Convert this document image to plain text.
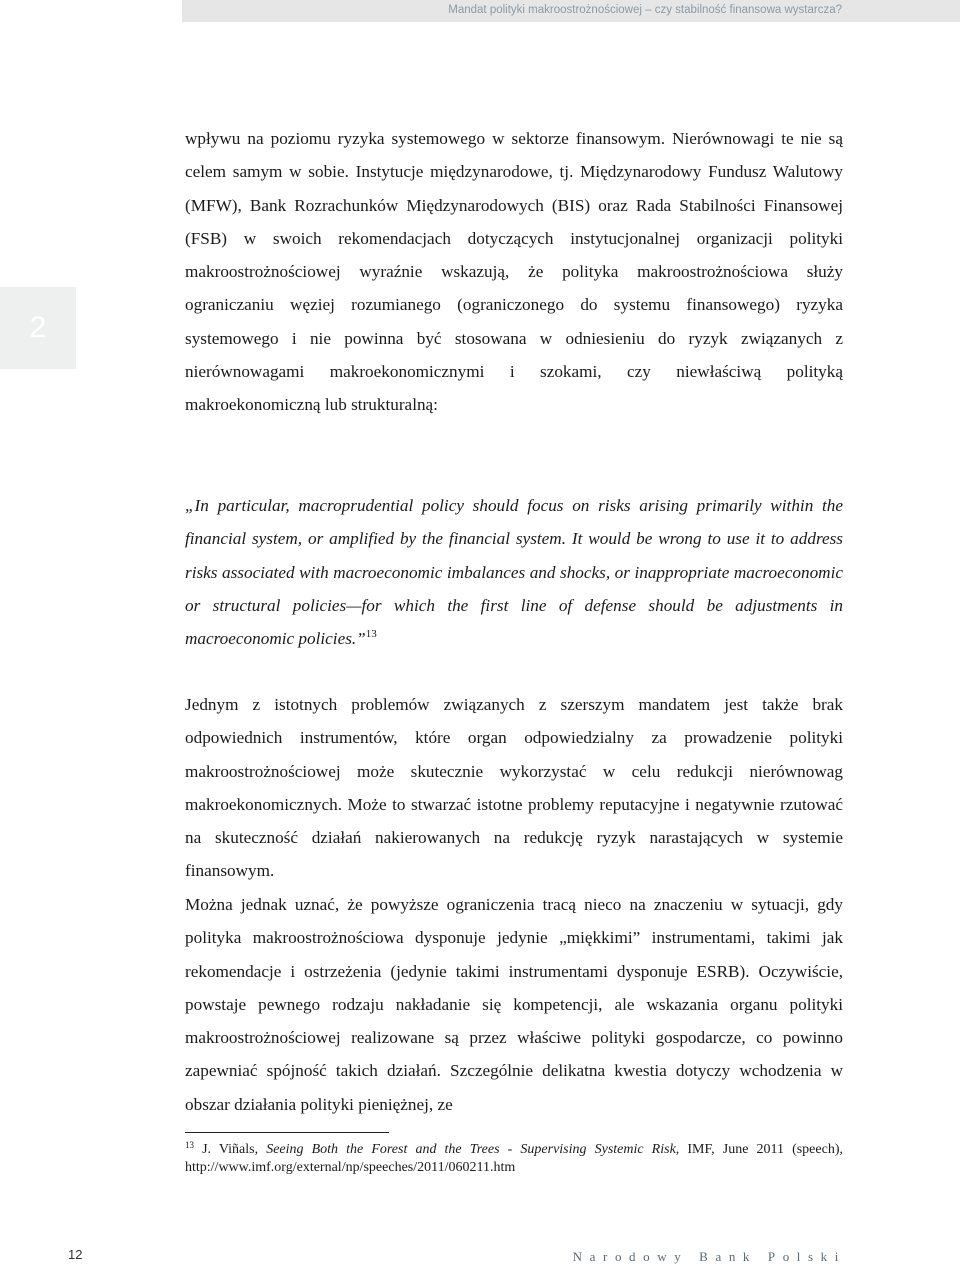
Mandat polityki makroostrożnościowej – czy stabilność finansowa wystarcza?
2

wpływu na poziomu ryzyka systemowego w sektorze finansowym. Nierównowagi te nie są celem samym w sobie. Instytucje międzynarodowe, tj. Międzynarodowy Fundusz Walutowy (MFW), Bank Rozrachunków Międzynarodowych (BIS) oraz Rada Stabilności Finansowej (FSB) w swoich rekomendacjach dotyczących instytucjonalnej organizacji polityki makroostrożnościowej wyraźnie wskazują, że polityka makroostrożnościowa służy ograniczaniu węziej rozumianego (ograniczonego do systemu finansowego) ryzyka systemowego i nie powinna być stosowana w odniesieniu do ryzyk związanych z nierównowagami makroekonomicznymi i szokami, czy niewłaściwą polityką makroekonomiczną lub strukturalną:

„In particular, macroprudential policy should focus on risks arising primarily within the financial system, or amplified by the financial system. It would be wrong to use it to address risks associated with macroeconomic imbalances and shocks, or inappropriate macroeconomic or structural policies—for which the first line of defense should be adjustments in macroeconomic policies.”$^{13}$

Jednym z istotnych problemów związanych z szerszym mandatem jest także brak odpowiednich instrumentów, które organ odpowiedzialny za prowadzenie polityki makroostrożnościowej może skutecznie wykorzystać w celu redukcji nierównowag makroekonomicznych. Może to stwarzać istotne problemy reputacyjne i negatywnie rzutować na skuteczność działań nakierowanych na redukcję ryzyk narastających w systemie finansowym.

Można jednak uznać, że powyższe ograniczenia tracą nieco na znaczeniu w sytuacji, gdy polityka makroostrożnościowa dysponuje jedynie „miękkimi” instrumentami, takimi jak rekomendacje i ostrzeżenia (jedynie takimi instrumentami dysponuje ESRB). Oczywiście, powstaje pewnego rodzaju nakładanie się kompetencji, ale wskazania organu polityki makroostrożnościowej realizowane są przez właściwe polityki gospodarcze, co powinno zapewniać spójność takich działań. Szczególnie delikatna kwestia dotyczy wchodzenia w obszar działania polityki pieniężnej, ze

$^{13}$ J. Viñals, Seeing Both the Forest and the Trees - Supervising Systemic Risk, IMF, June 2011 (speech), http://www.imf.org/external/np/speeches/2011/060211.htm
12	Narodowy Bank Polski
